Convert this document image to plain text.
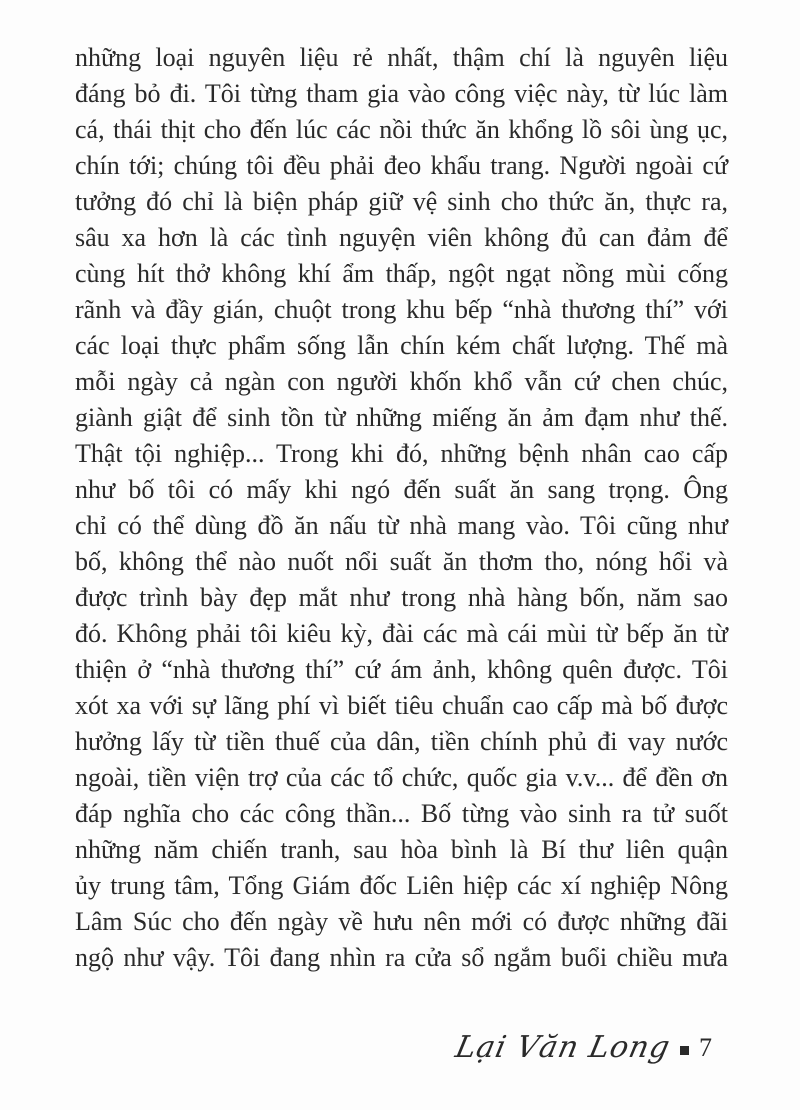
những loại nguyên liệu rẻ nhất, thậm chí là nguyên liệu
đáng bỏ đi. Tôi từng tham gia vào công việc này, từ lúc làm
cá, thái thịt cho đến lúc các nồi thức ăn khổng lồ sôi ùng ục,
chín tới; chúng tôi đều phải đeo khẩu trang. Người ngoài cứ
tưởng đó chỉ là biện pháp giữ vệ sinh cho thức ăn, thực ra,
sâu xa hơn là các tình nguyện viên không đủ can đảm để
cùng hít thở không khí ẩm thấp, ngột ngạt nồng mùi cống
rãnh và đầy gián, chuột trong khu bếp “nhà thương thí” với
các loại thực phẩm sống lẫn chín kém chất lượng. Thế mà
mỗi ngày cả ngàn con người khốn khổ vẫn cứ chen chúc,
giành giật để sinh tồn từ những miếng ăn ảm đạm như thế.
Thật tội nghiệp... Trong khi đó, những bệnh nhân cao cấp
như bố tôi có mấy khi ngó đến suất ăn sang trọng. Ông
chỉ có thể dùng đồ ăn nấu từ nhà mang vào. Tôi cũng như
bố, không thể nào nuốt nổi suất ăn thơm tho, nóng hổi và
được trình bày đẹp mắt như trong nhà hàng bốn, năm sao
đó. Không phải tôi kiêu kỳ, đài các mà cái mùi từ bếp ăn từ
thiện ở “nhà thương thí” cứ ám ảnh, không quên được. Tôi
xót xa với sự lãng phí vì biết tiêu chuẩn cao cấp mà bố được
hưởng lấy từ tiền thuế của dân, tiền chính phủ đi vay nước
ngoài, tiền viện trợ của các tổ chức, quốc gia v.v... để đền ơn
đáp nghĩa cho các công thần... Bố từng vào sinh ra tử suốt
những năm chiến tranh, sau hòa bình là Bí thư liên quận
ủy trung tâm, Tổng Giám đốc Liên hiệp các xí nghiệp Nông
Lâm Súc cho đến ngày về hưu nên mới có được những đãi
ngộ như vậy. Tôi đang nhìn ra cửa sổ ngắm buổi chiều mưa
Lại Văn Long 7
